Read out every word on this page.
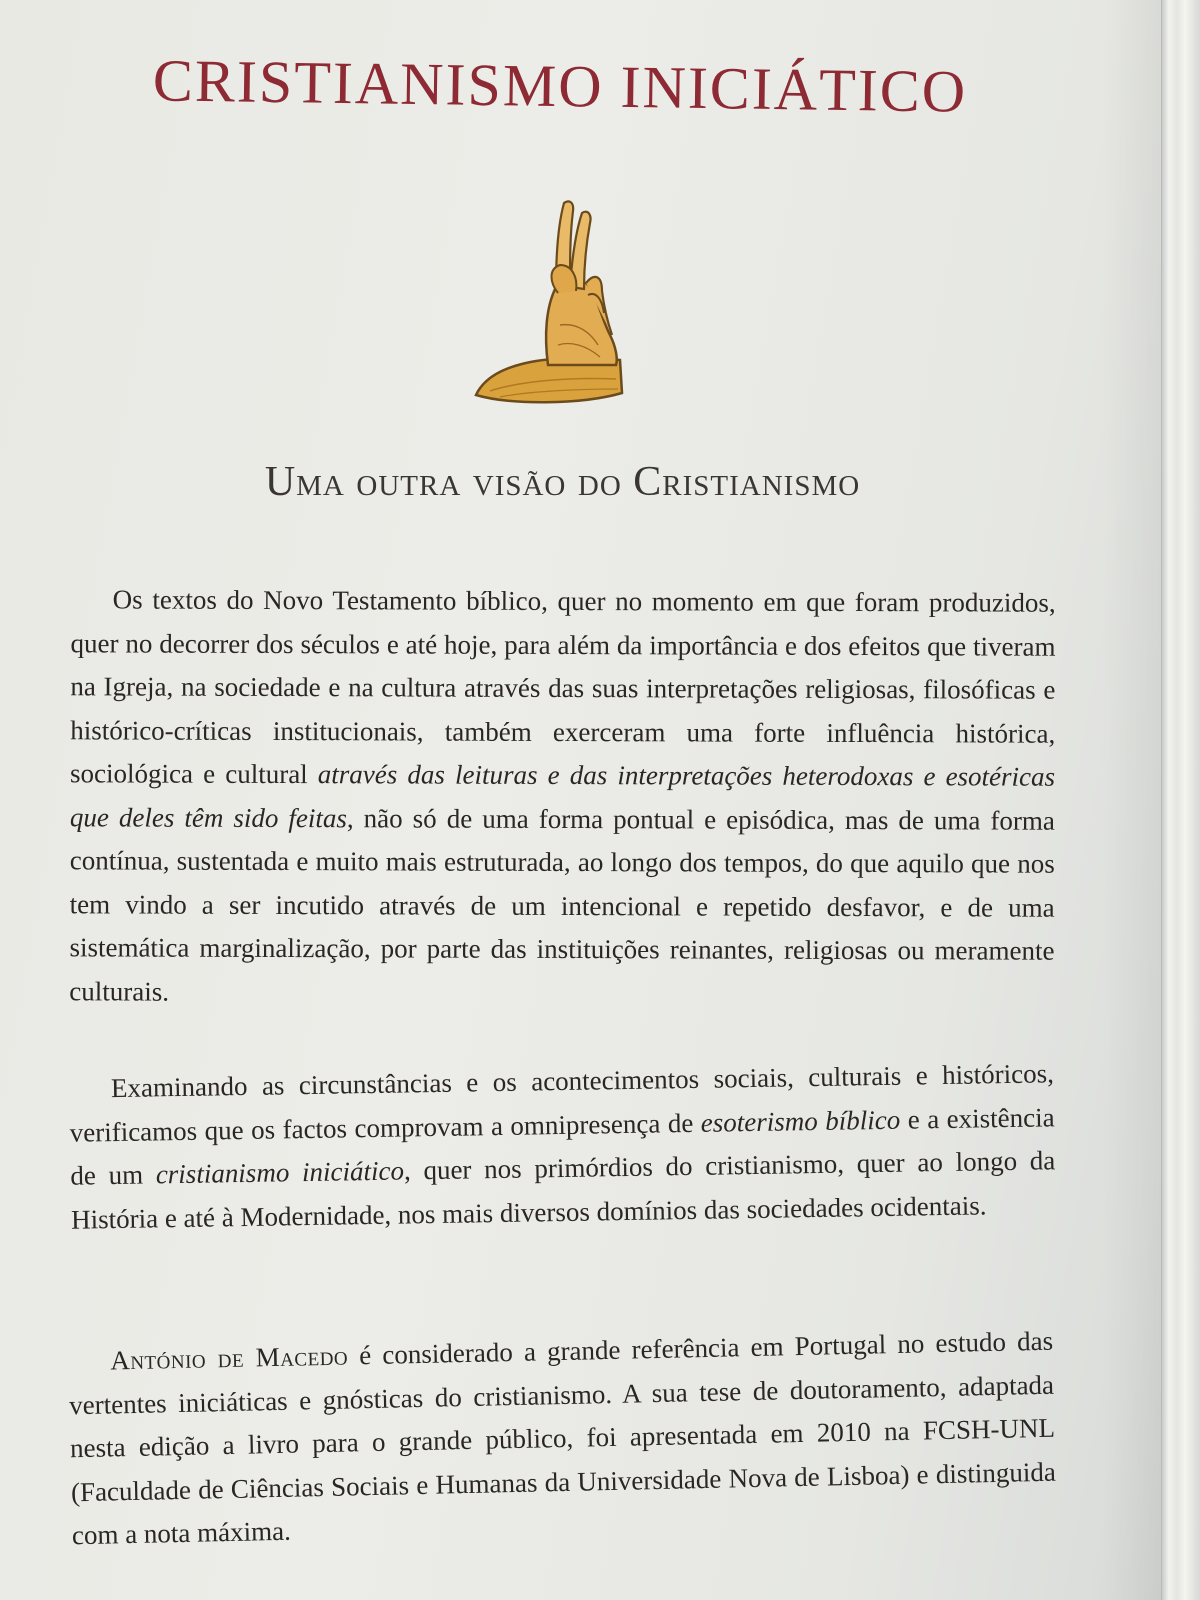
CRISTIANISMO INICIÁTICO
Uma outra visão do Cristianismo

Os textos do Novo Testamento bíblico, quer no momento em que foram produzidos, quer no decorrer dos séculos e até hoje, para além da importância e dos efeitos que tiveram na Igreja, na sociedade e na cultura através das suas interpretações religiosas, filosóficas e histórico-críticas institucionais, também exerceram uma forte influência histórica, sociológica e cultural através das leituras e das interpretações heterodoxas e esotéricas que deles têm sido feitas, não só de uma forma pontual e episódica, mas de uma forma contínua, sustentada e muito mais estruturada, ao longo dos tempos, do que aquilo que nos tem vindo a ser incutido através de um intencional e repetido desfavor, e de uma sistemática marginalização, por parte das instituições reinantes, religiosas ou meramente culturais.

Examinando as circunstâncias e os acontecimentos sociais, culturais e históricos, verificamos que os factos comprovam a omnipresença de esoterismo bíblico e a existência de um cristianismo iniciático, quer nos primórdios do cristianismo, quer ao longo da História e até à Modernidade, nos mais diversos domínios das sociedades ocidentais.

António de Macedo é considerado a grande referência em Portugal no estudo das vertentes iniciáticas e gnósticas do cristianismo. A sua tese de doutoramento, adaptada nesta edição a livro para o grande público, foi apresentada em 2010 na FCSH-UNL (Faculdade de Ciências Sociais e Humanas da Universidade Nova de Lisboa) e distinguida com a nota máxima.
